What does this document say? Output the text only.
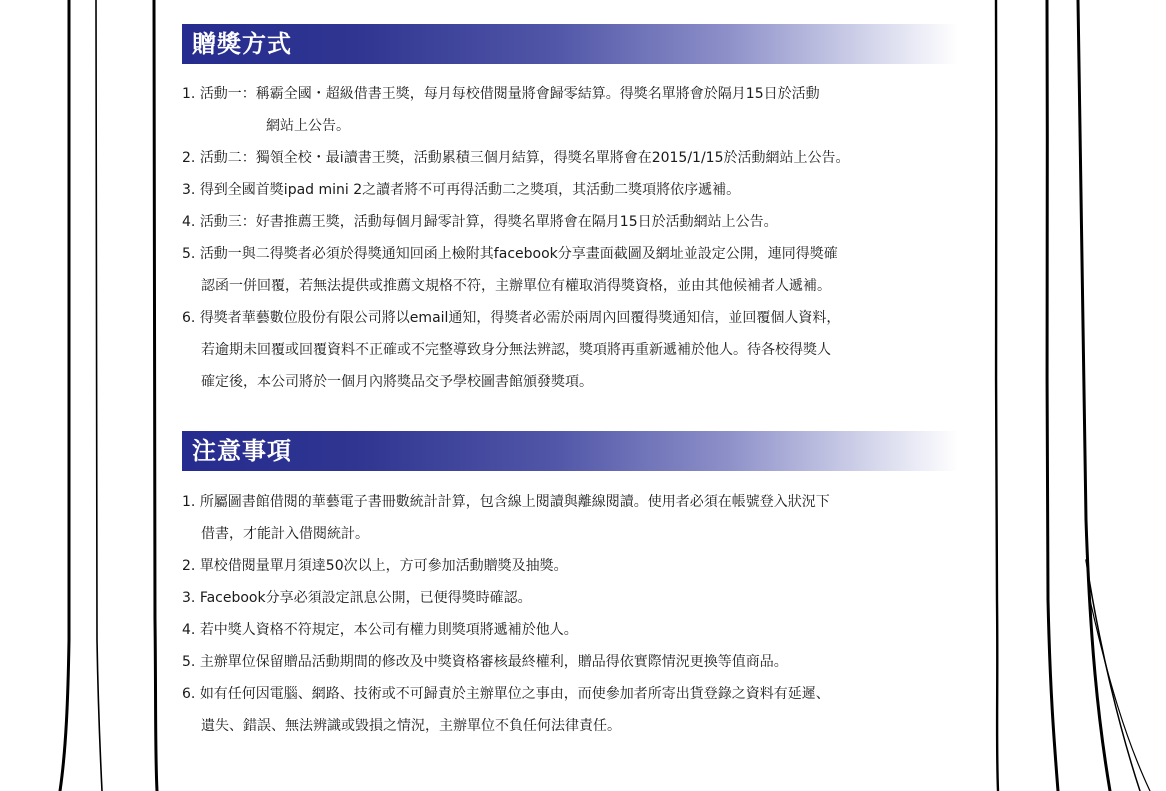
贈獎方式
1. 活動一：稱霸全國・超級借書王獎，每月每校借閱量將會歸零結算。得獎名單將會於隔月15日於活動
網站上公告。
2. 活動二：獨領全校・最i讀書王獎，活動累積三個月結算，得獎名單將會在2015/1/15於活動網站上公告。
3. 得到全國首獎ipad mini 2之讀者將不可再得活動二之獎項，其活動二獎項將依序遞補。
4. 活動三：好書推薦王獎，活動每個月歸零計算，得獎名單將會在隔月15日於活動網站上公告。
5. 活動一與二得獎者必須於得獎通知回函上檢附其facebook分享畫面截圖及網址並設定公開，連同得獎確
認函一併回覆，若無法提供或推薦文規格不符，主辦單位有權取消得獎資格，並由其他候補者人遞補。
6. 得獎者華藝數位股份有限公司將以email通知，得獎者必需於兩周內回覆得獎通知信，並回覆個人資料，
若逾期未回覆或回覆資料不正確或不完整導致身分無法辨認，獎項將再重新遞補於他人。待各校得獎人
確定後，本公司將於一個月內將獎品交予學校圖書館頒發獎項。
注意事項
1. 所屬圖書館借閱的華藝電子書冊數統計計算，包含線上閱讀與離線閱讀。使用者必須在帳號登入狀況下
借書，才能計入借閱統計。
2. 單校借閱量單月須達50次以上，方可參加活動贈獎及抽獎。
3. Facebook分享必須設定訊息公開，已便得獎時確認。
4. 若中獎人資格不符規定，本公司有權力則獎項將遞補於他人。
5. 主辦單位保留贈品活動期間的修改及中獎資格審核最終權利，贈品得依實際情況更換等值商品。
6. 如有任何因電腦、網路、技術或不可歸責於主辦單位之事由，而使參加者所寄出貨登錄之資料有延遲、
遺失、錯誤、無法辨識或毀損之情況，主辦單位不負任何法律責任。
